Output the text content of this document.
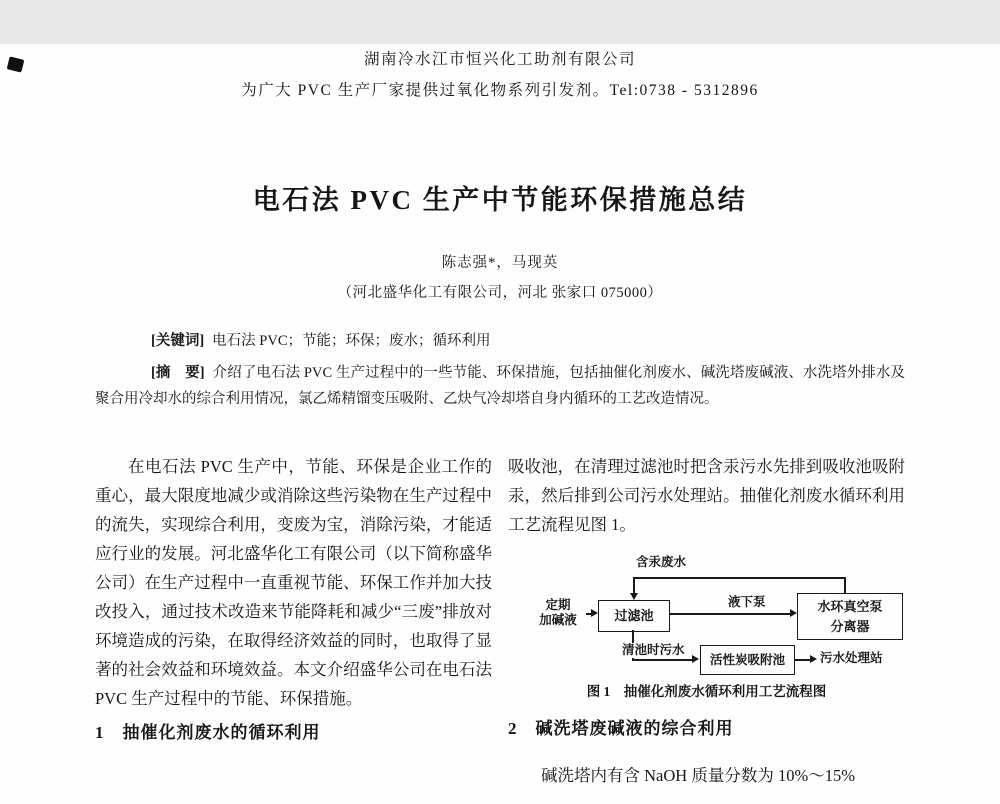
湖南冷水江市恒兴化工助剂有限公司
为广大 PVC 生产厂家提供过氧化物系列引发剂。Tel:0738 - 5312896
电石法 PVC 生产中节能环保措施总结
陈志强*，马现英
（河北盛华化工有限公司，河北 张家口 075000）

[关键词] 电石法 PVC；节能；环保；废水；循环利用

[摘　要] 介绍了电石法 PVC 生产过程中的一些节能、环保措施，包括抽催化剂废水、碱洗塔废碱液、水洗塔外排水及聚合用冷却水的综合利用情况，氯乙烯精馏变压吸附、乙炔气冷却塔自身内循环的工艺改造情况。

在电石法 PVC 生产中，节能、环保是企业工作的重心，最大限度地减少或消除这些污染物在生产过程中的流失，实现综合利用，变废为宝，消除污染，才能适应行业的发展。河北盛华化工有限公司（以下简称盛华公司）在生产过程中一直重视节能、环保工作并加大技改投入，通过技术改造来节能降耗和减少“三废”排放对环境造成的污染，在取得经济效益的同时，也取得了显著的社会效益和环境效益。本文介绍盛华公司在电石法 PVC 生产过程中的节能、环保措施。

1　抽催化剂废水的循环利用

吸收池，在清理过滤池时把含汞污水先排到吸收池吸附汞，然后排到公司污水处理站。抽催化剂废水循环利用工艺流程见图 1。

含汞废水
定期
加碱液	过滤池
液下泵	水环真空泵
分离器
清池时污水
活性炭吸附池	污水处理站
图 1　抽催化剂废水循环利用工艺流程图
2　碱洗塔废碱液的综合利用

碱洗塔内有含 NaOH 质量分数为 10%～15%
